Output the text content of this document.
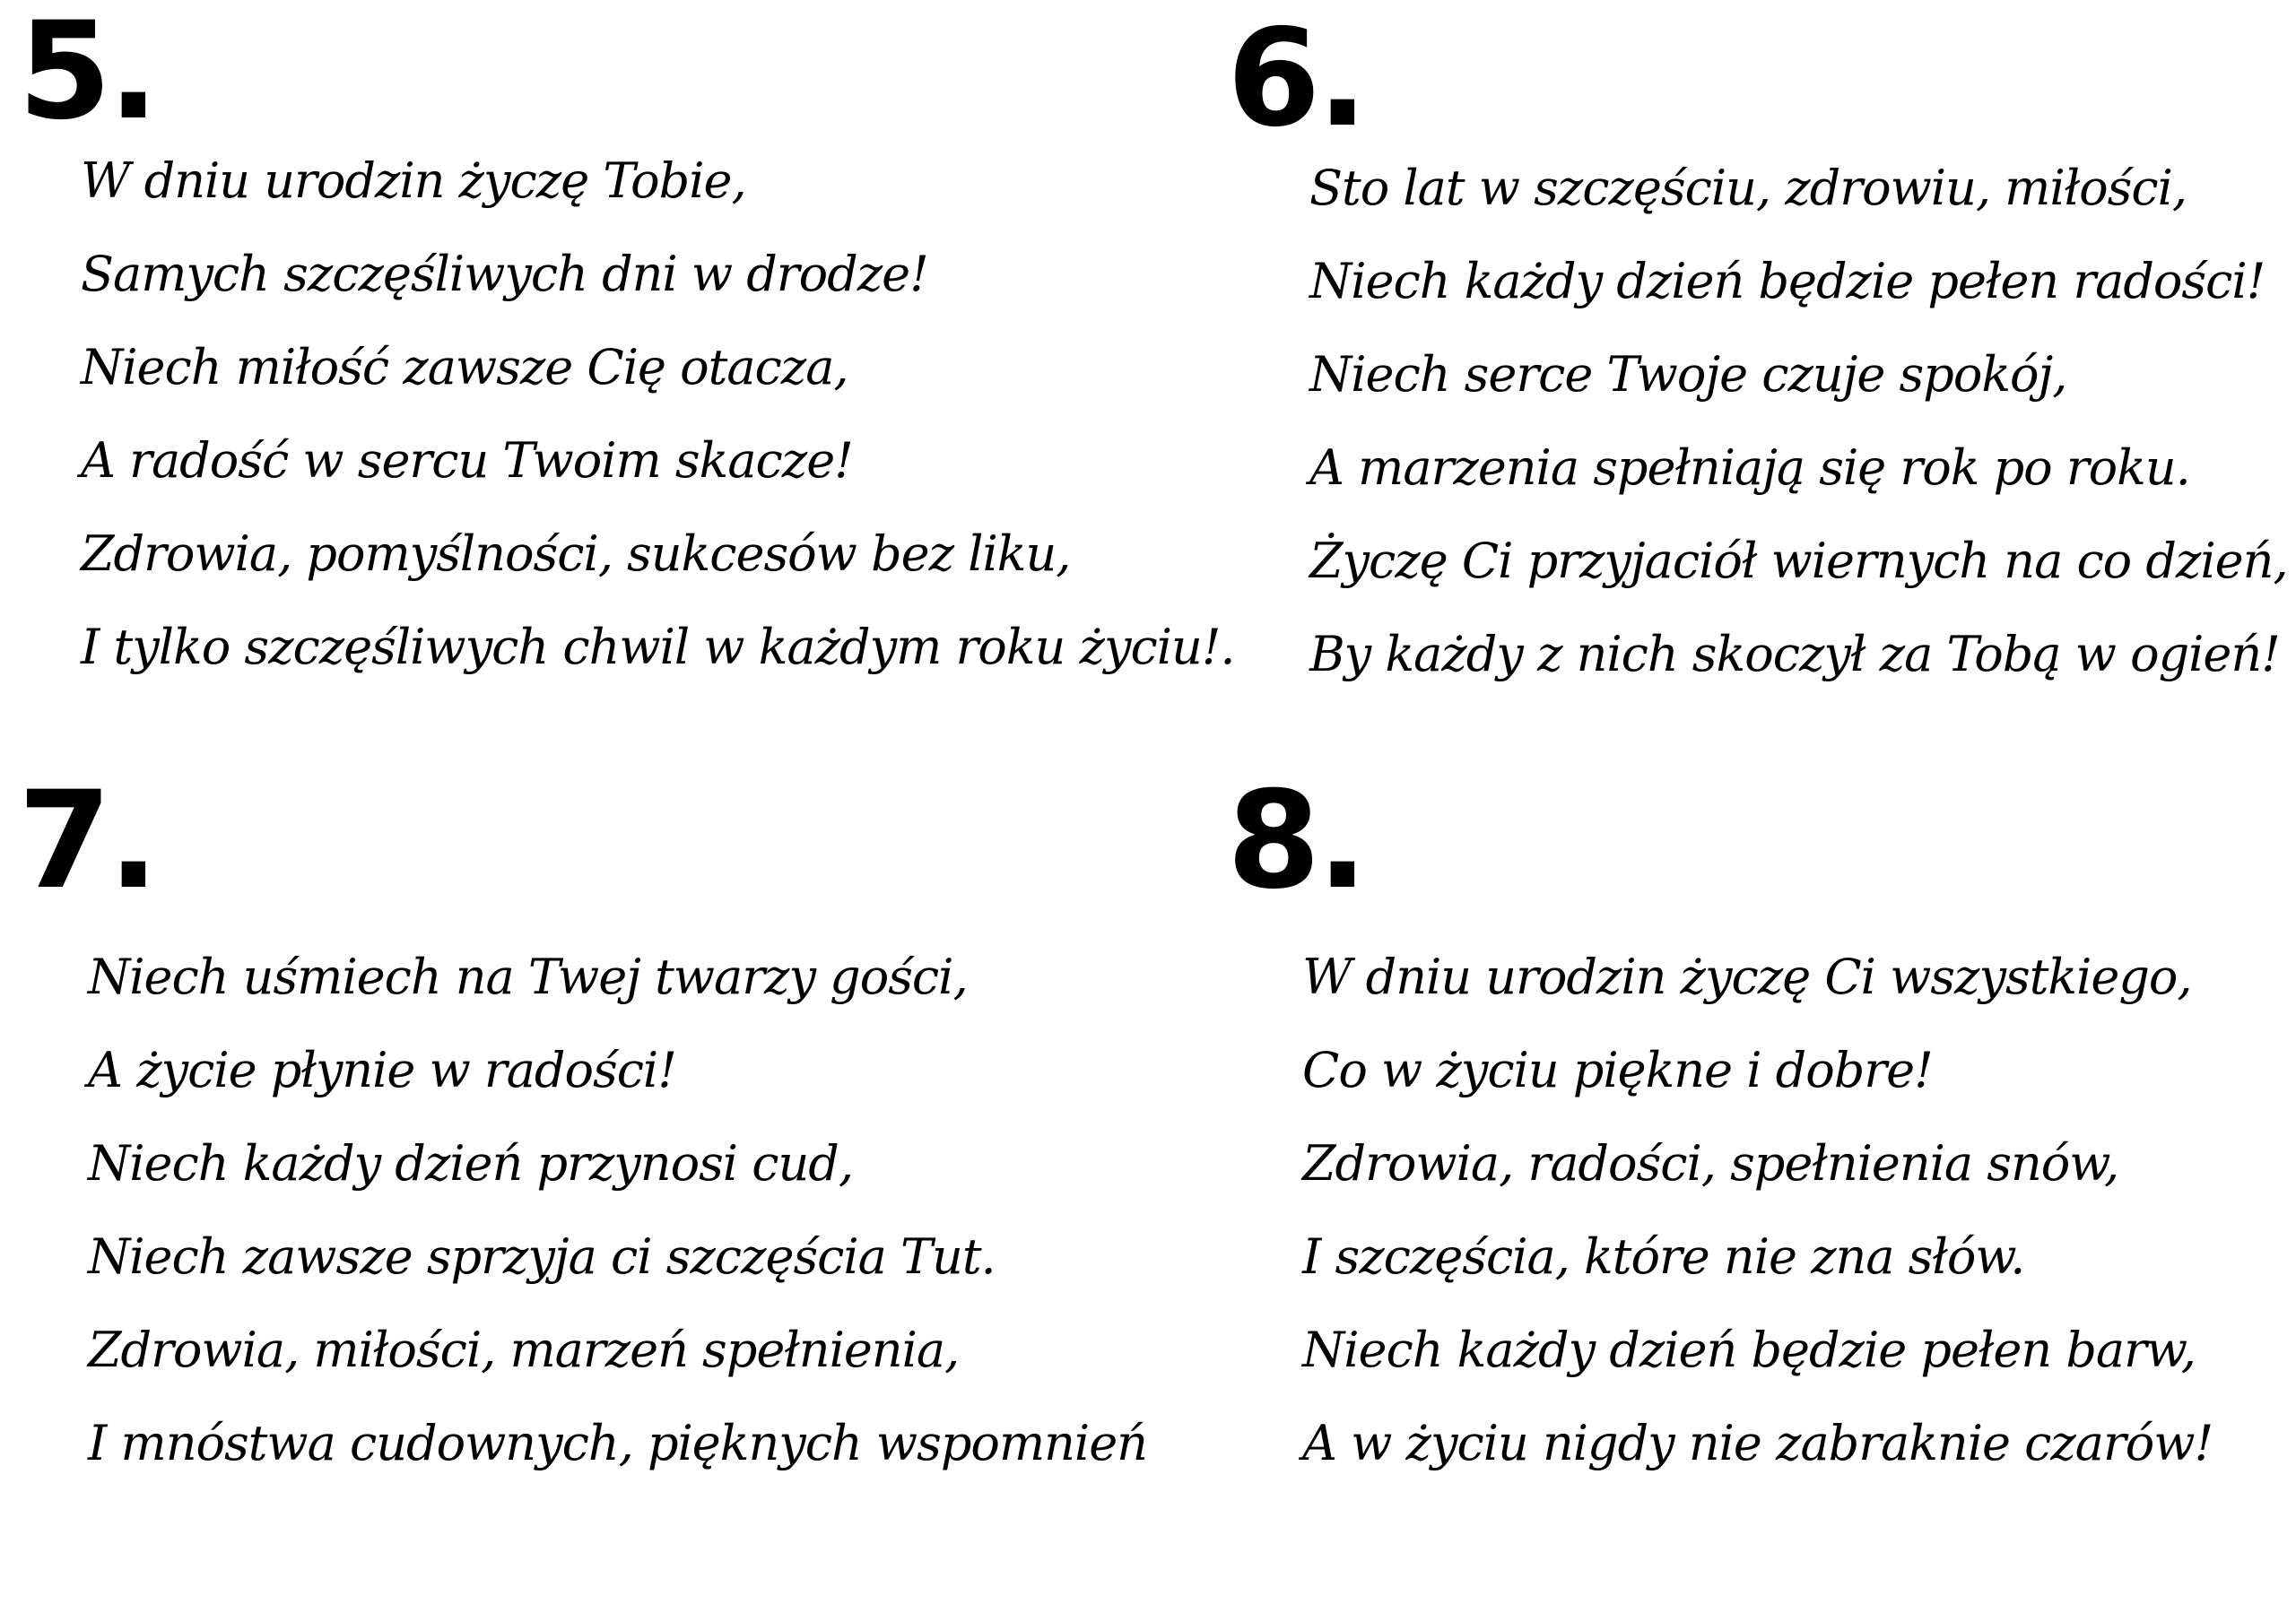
5.
W dniu urodzin życzę Tobie,
Samych szczęśliwych dni w drodze!
Niech miłość zawsze Cię otacza,
A radość w sercu Twoim skacze!
Zdrowia, pomyślności, sukcesów bez liku,
I tylko szczęśliwych chwil w każdym roku życiu!.
6.
Sto lat w szczęściu, zdrowiu, miłości,
Niech każdy dzień będzie pełen radości!
Niech serce Twoje czuje spokój,
A marzenia spełniają się rok po roku.
Życzę Ci przyjaciół wiernych na co dzień,
By każdy z nich skoczył za Tobą w ogień!
7.
Niech uśmiech na Twej twarzy gości,
A życie płynie w radości!
Niech każdy dzień przynosi cud,
Niech zawsze sprzyja ci szczęścia Tut.
Zdrowia, miłości, marzeń spełnienia,
I mnóstwa cudownych, pięknych wspomnień
8.
W dniu urodzin życzę Ci wszystkiego,
Co w życiu piękne i dobre!
Zdrowia, radości, spełnienia snów,
I szczęścia, które nie zna słów.
Niech każdy dzień będzie pełen barw,
A w życiu nigdy nie zabraknie czarów!
